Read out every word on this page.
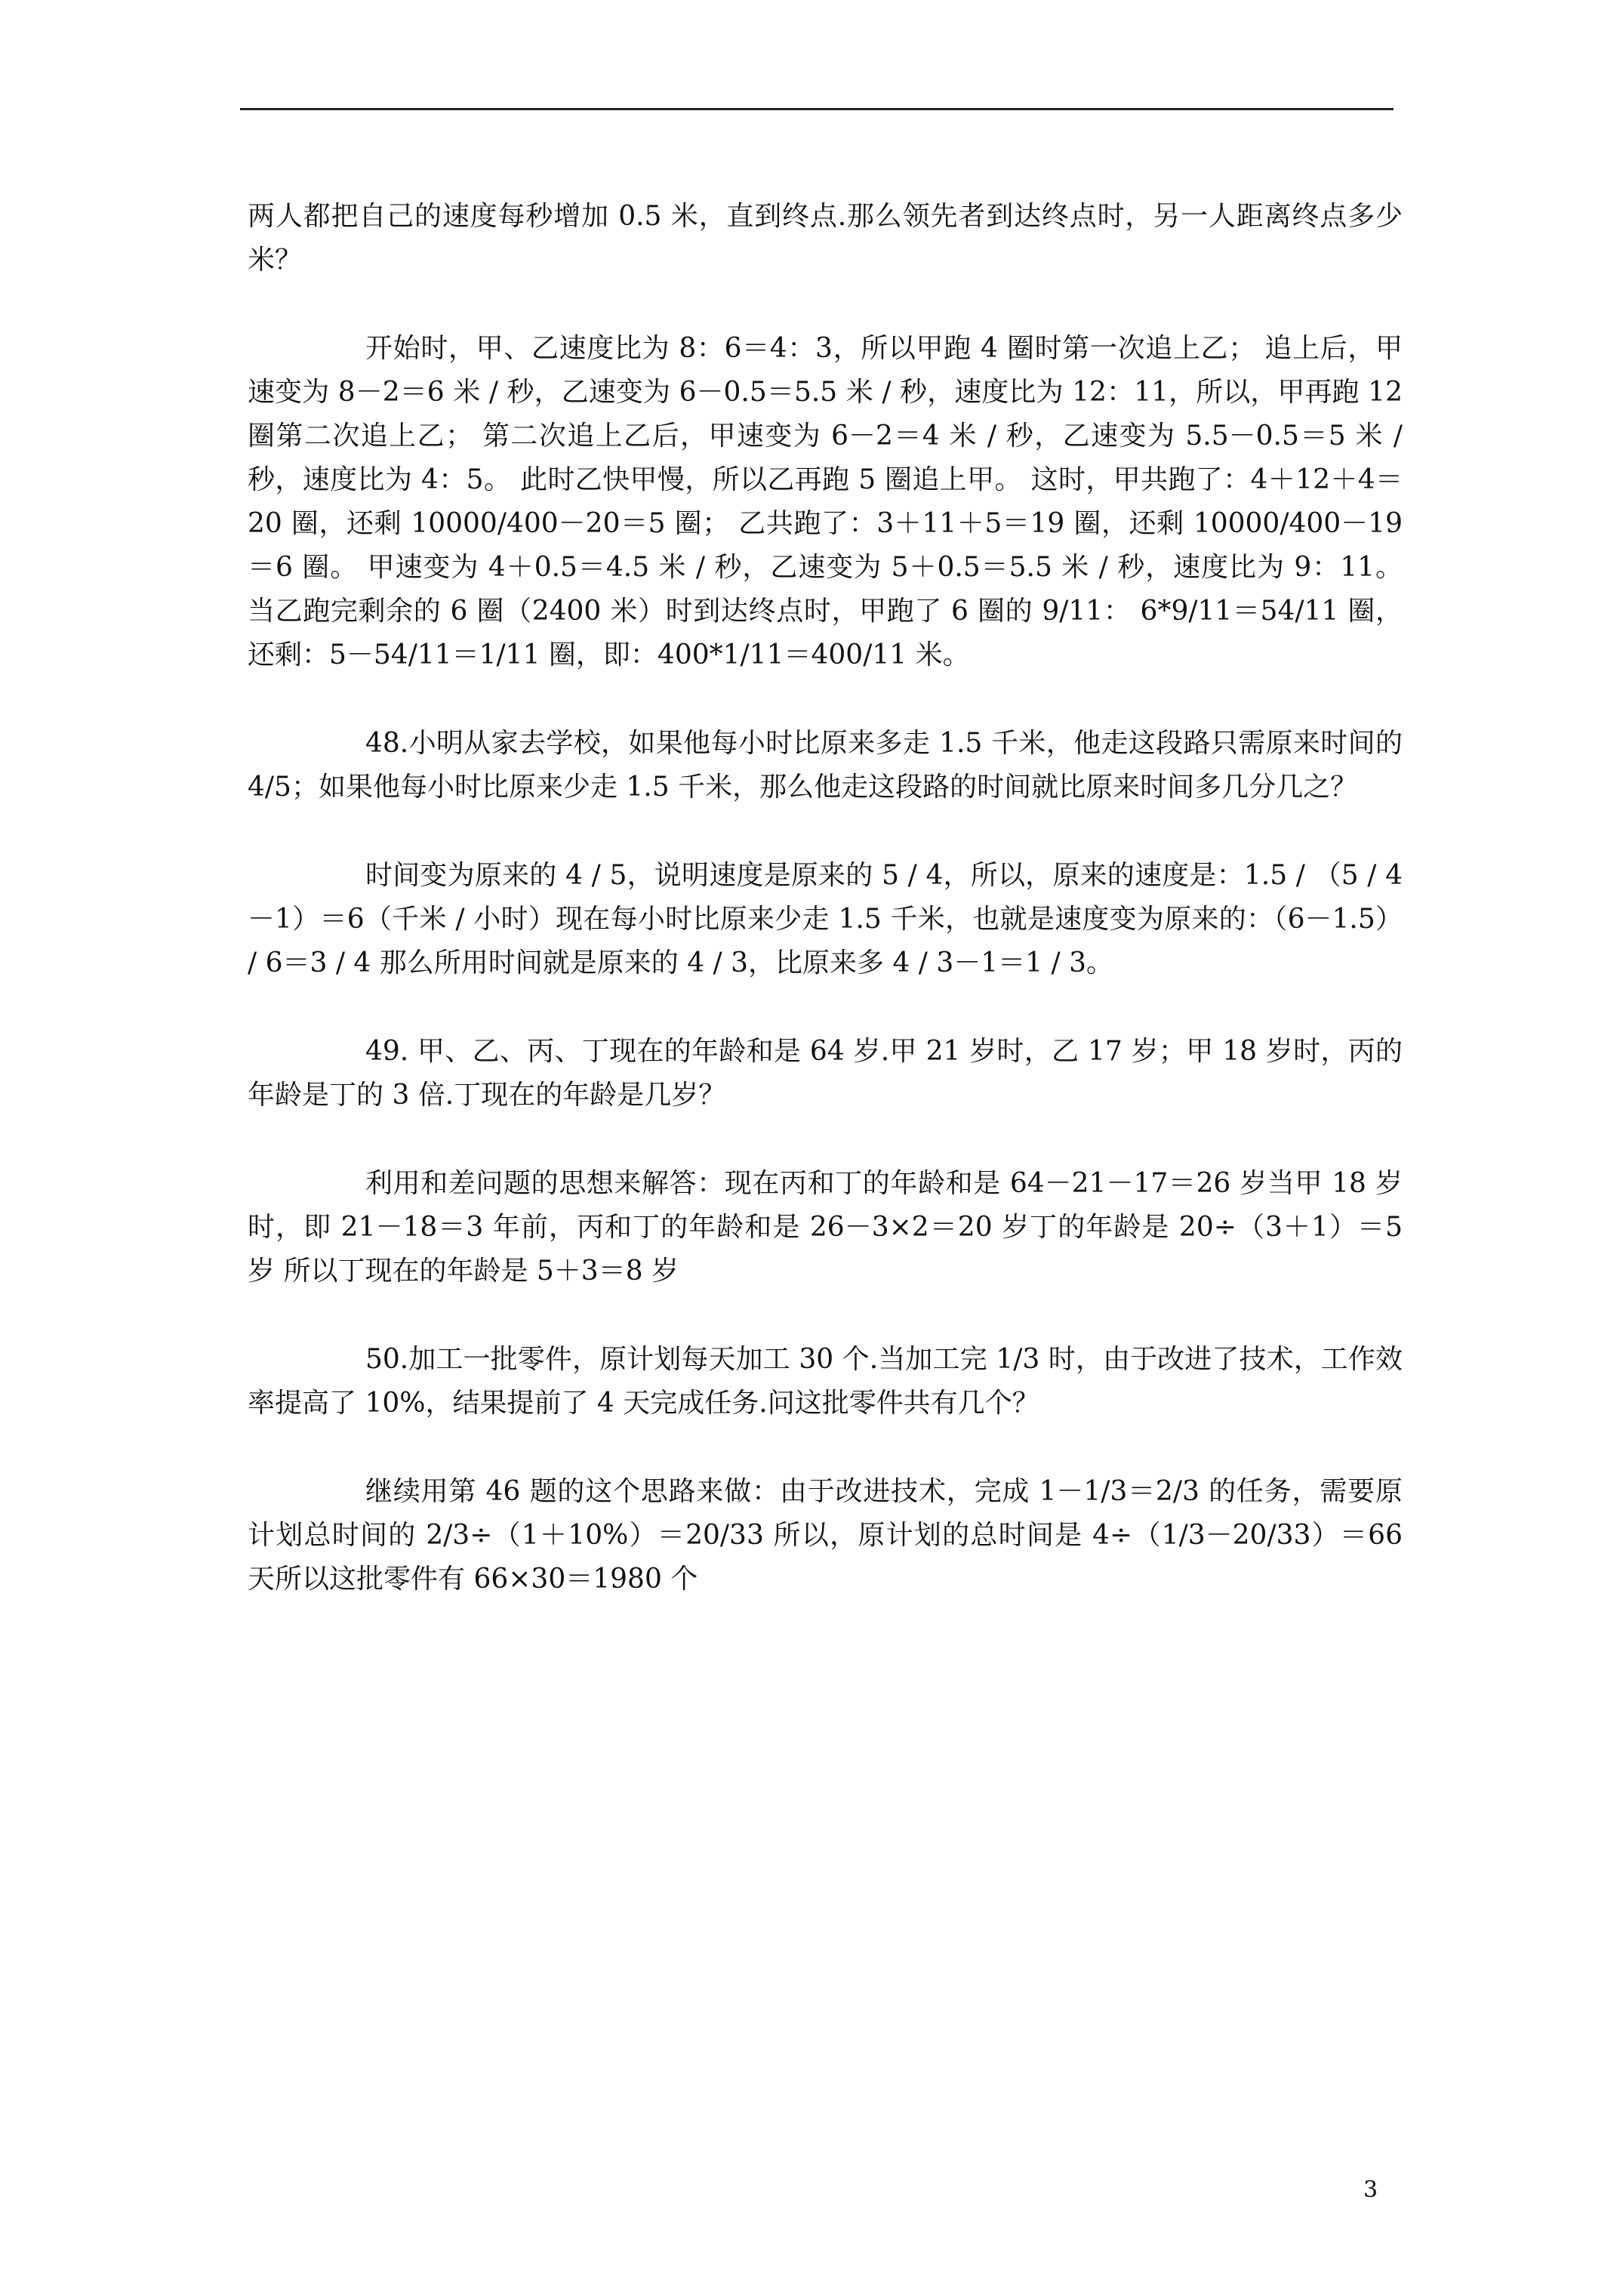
两人都把自己的速度每秒增加 0.5 米，直到终点.那么领先者到达终点时，另一人距离终点多少米？

开始时，甲、乙速度比为 8：6＝4：3，所以甲跑 4 圈时第一次追上乙； 追上后，甲速变为 8－2＝6 米 / 秒，乙速变为 6－0.5＝5.5 米 / 秒，速度比为 12：11，所以，甲再跑 12 圈第二次追上乙； 第二次追上乙后，甲速变为 6－2＝4 米 / 秒，乙速变为 5.5－0.5＝5 米 / 秒，速度比为 4：5。 此时乙快甲慢，所以乙再跑 5 圈追上甲。 这时，甲共跑了：4＋12＋4＝20 圈，还剩 10000/400－20＝5 圈； 乙共跑了：3＋11＋5＝19 圈，还剩 10000/400－19＝6 圈。 甲速变为 4＋0.5＝4.5 米 / 秒，乙速变为 5＋0.5＝5.5 米 / 秒，速度比为 9：11。 当乙跑完剩余的 6 圈（2400 米）时到达终点时，甲跑了 6 圈的 9/11： 6*9/11＝54/11 圈，还剩：5－54/11＝1/11 圈，即：400*1/11＝400/11 米。

48.小明从家去学校，如果他每小时比原来多走 1.5 千米，他走这段路只需原来时间的 4/5；如果他每小时比原来少走 1.5 千米，那么他走这段路的时间就比原来时间多几分几之？

时间变为原来的 4 / 5，说明速度是原来的 5 / 4，所以，原来的速度是：1.5 / （5 / 4－1）＝6（千米 / 小时）现在每小时比原来少走 1.5 千米，也就是速度变为原来的：（6－1.5） / 6＝3 / 4 那么所用时间就是原来的 4 / 3，比原来多 4 / 3－1＝1 / 3。

49. 甲、乙、丙、丁现在的年龄和是 64 岁.甲 21 岁时，乙 17 岁；甲 18 岁时，丙的年龄是丁的 3 倍.丁现在的年龄是几岁？

利用和差问题的思想来解答：现在丙和丁的年龄和是 64－21－17＝26 岁当甲 18 岁时，即 21－18＝3 年前，丙和丁的年龄和是 26－3×2＝20 岁丁的年龄是 20÷（3＋1）＝5 岁 所以丁现在的年龄是 5＋3＝8 岁

50.加工一批零件，原计划每天加工 30 个.当加工完 1/3 时，由于改进了技术，工作效率提高了 10%，结果提前了 4 天完成任务.问这批零件共有几个？

继续用第 46 题的这个思路来做：由于改进技术，完成 1－1/3＝2/3 的任务，需要原计划总时间的 2/3÷（1＋10%）＝20/33 所以，原计划的总时间是 4÷（1/3－20/33）＝66 天所以这批零件有 66×30＝1980 个

3
